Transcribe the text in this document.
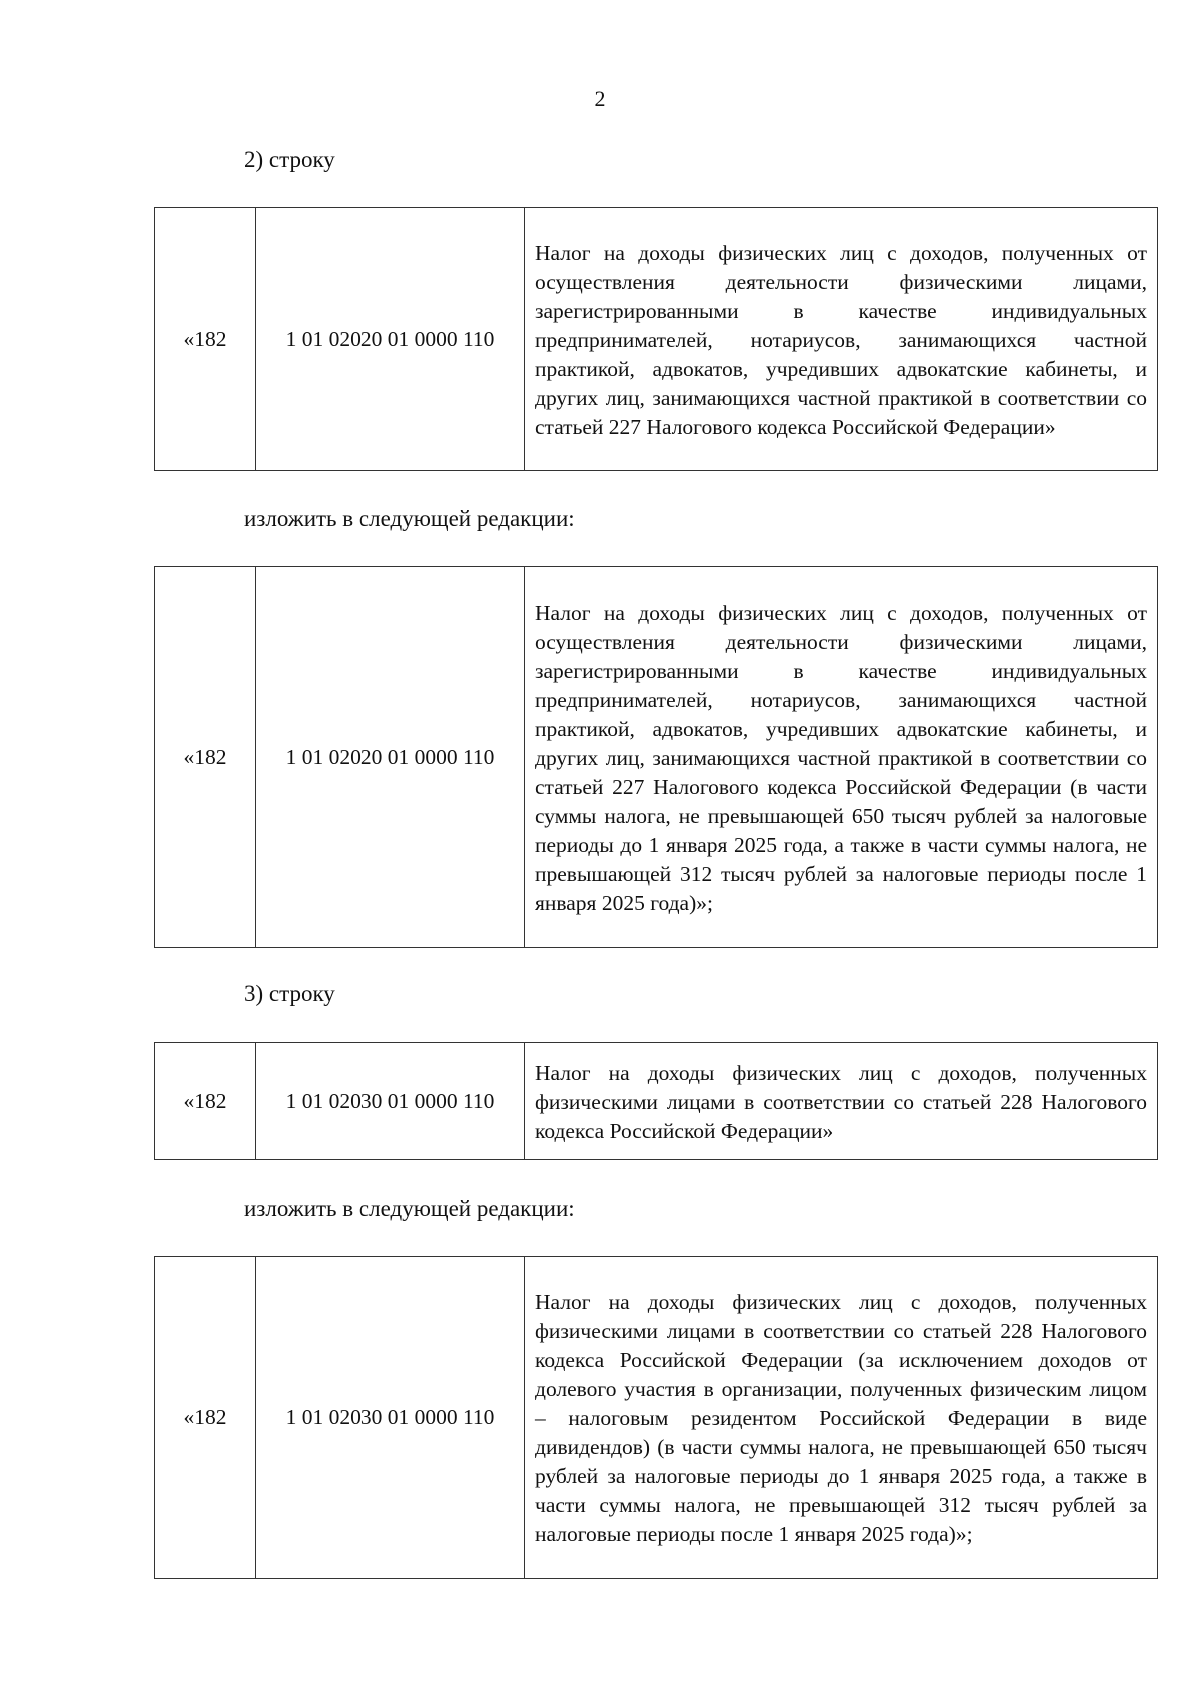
2
2) строку
«182	1 01 02020 01 0000 110	Налог на доходы физических лиц с доходов, полученных от осуществления деятельности физическими лицами, зарегистрированными в качестве индивидуальных предпринимателей, нотариусов, занимающихся частной практикой, адвокатов, учредивших адвокатские кабинеты, и других лиц, занимающихся частной практикой в соответствии со статьей 227 Налогового кодекса Российской Федерации»
изложить в следующей редакции:
«182	1 01 02020 01 0000 110	Налог на доходы физических лиц с доходов, полученных от осуществления деятельности физическими лицами, зарегистрированными в качестве индивидуальных предпринимателей, нотариусов, занимающихся частной практикой, адвокатов, учредивших адвокатские кабинеты, и других лиц, занимающихся частной практикой в соответствии со статьей 227 Налогового кодекса Российской Федерации (в части суммы налога, не превышающей 650 тысяч рублей за налоговые периоды до 1 января 2025 года, а также в части суммы налога, не превышающей 312 тысяч рублей за налоговые периоды после 1 января 2025 года)»;
3) строку
«182	1 01 02030 01 0000 110	Налог на доходы физических лиц с доходов, полученных физическими лицами в соответствии со статьей 228 Налогового кодекса Российской Федерации»
изложить в следующей редакции:
«182	1 01 02030 01 0000 110	Налог на доходы физических лиц с доходов, полученных физическими лицами в соответствии со статьей 228 Налогового кодекса Российской Федерации (за исключением доходов от долевого участия в организации, полученных физическим лицом – налоговым резидентом Российской Федерации в виде дивидендов) (в части суммы налога, не превышающей 650 тысяч рублей за налоговые периоды до 1 января 2025 года, а также в части суммы налога, не превышающей 312 тысяч рублей за налоговые периоды после 1 января 2025 года)»;
